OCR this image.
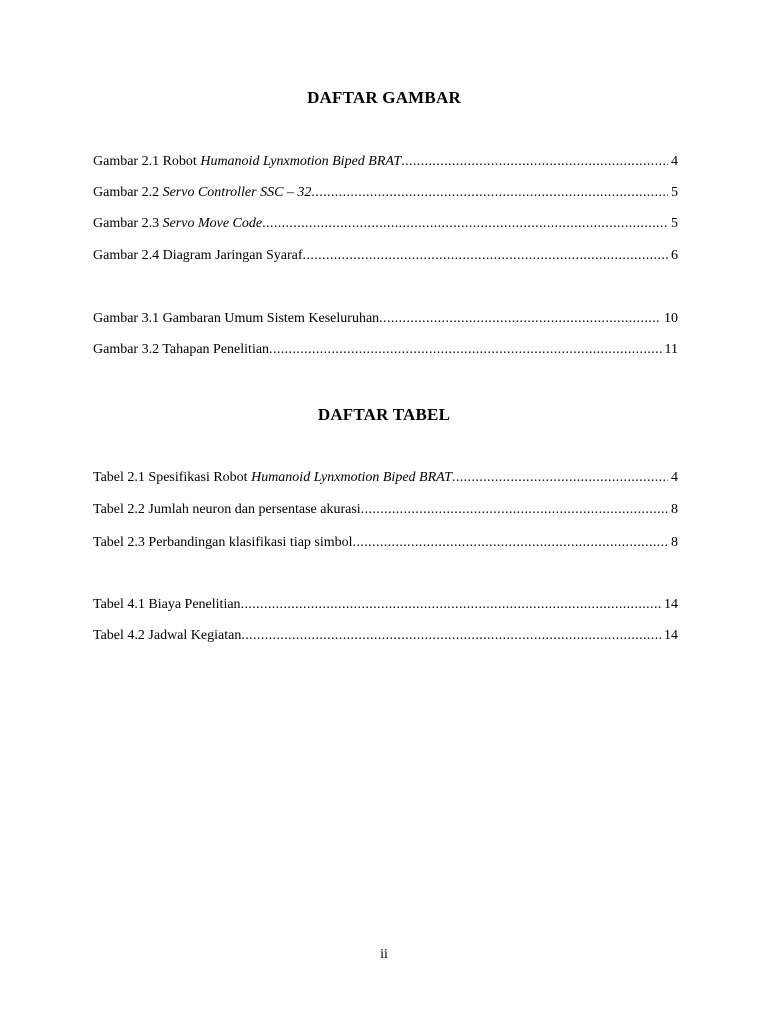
DAFTAR GAMBAR
Gambar 2.1 Robot Humanoid Lynxmotion Biped BRAT .....	4
Gambar 2.2 Servo Controller SSC – 32 .....	5
Gambar 2.3 Servo Move Code .....	5
Gambar 2.4 Diagram Jaringan Syaraf .....	6
Gambar 3.1 Gambaran Umum Sistem Keseluruhan .....	10
Gambar 3.2 Tahapan Penelitian .....	11
DAFTAR TABEL
Tabel 2.1 Spesifikasi Robot Humanoid Lynxmotion Biped BRAT .....	4
Tabel 2.2 Jumlah neuron dan persentase akurasi .....	8
Tabel 2.3 Perbandingan klasifikasi tiap simbol .....	8
Tabel 4.1 Biaya Penelitian .....	14
Tabel 4.2 Jadwal Kegiatan .....	14
ii
